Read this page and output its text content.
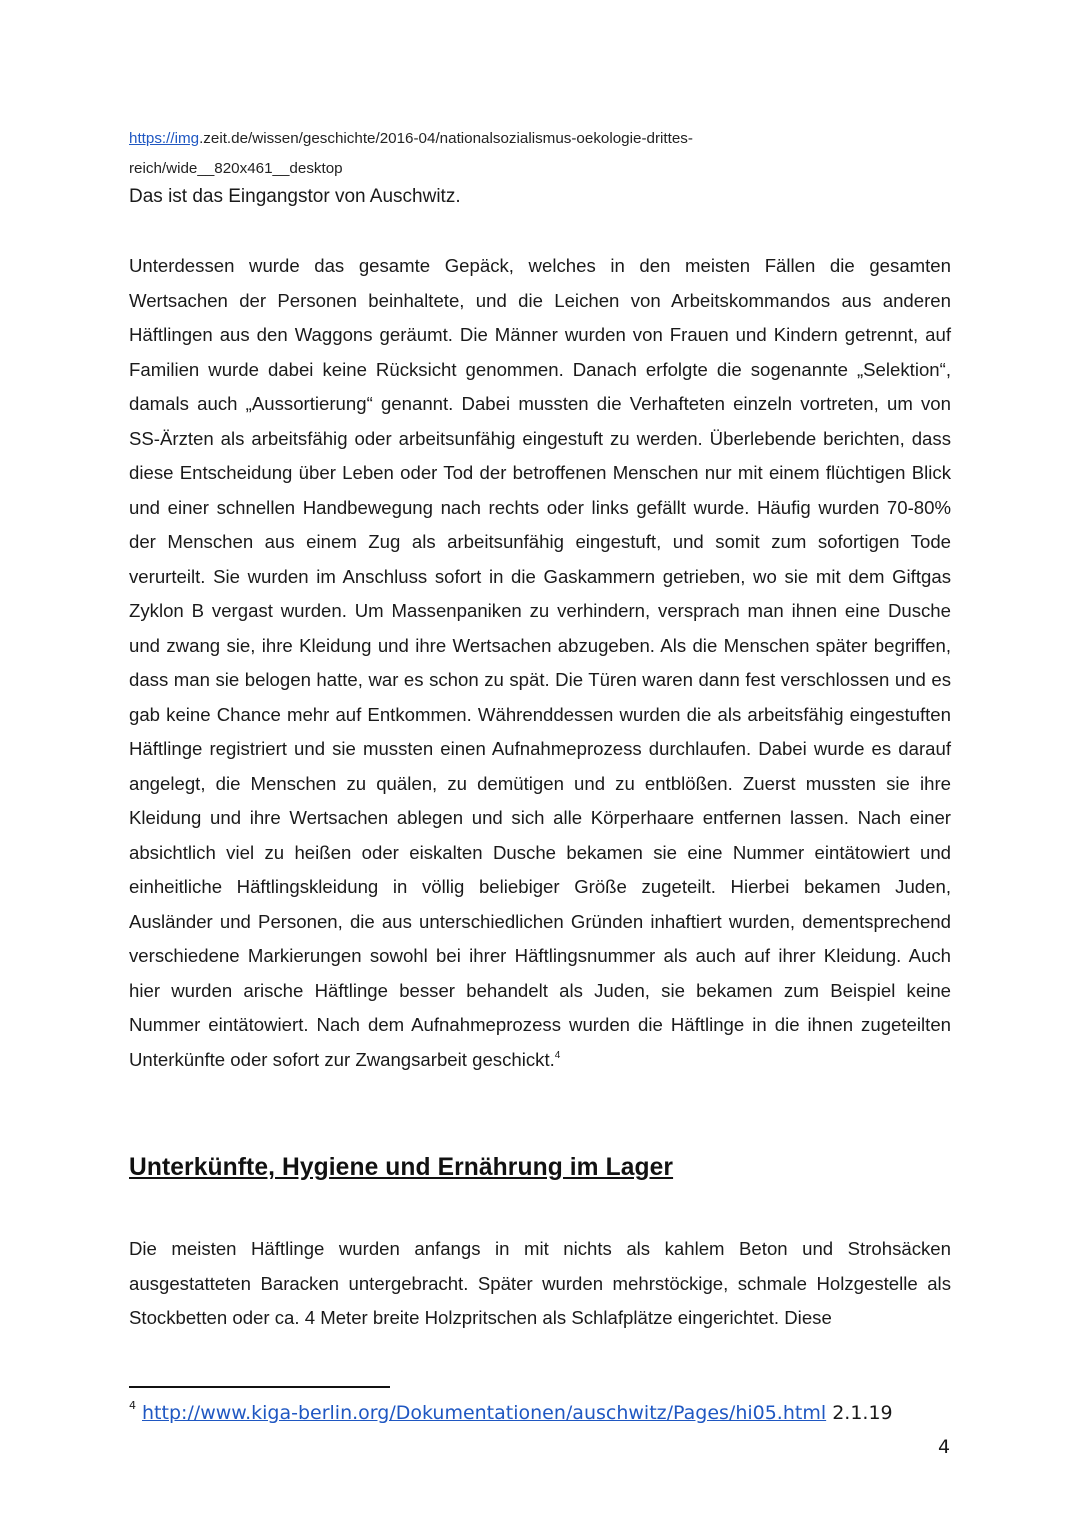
https://img.zeit.de/wissen/geschichte/2016-04/nationalsozialismus-oekologie-drittes-
reich/wide__820x461__desktop
Das ist das Eingangstor von Auschwitz.

Unterdessen wurde das gesamte Gepäck, welches in den meisten Fällen die gesamten Wertsachen der Personen beinhaltete, und die Leichen von Arbeitskommandos aus anderen Häftlingen aus den Waggons geräumt. Die Männer wurden von Frauen und Kindern getrennt, auf Familien wurde dabei keine Rücksicht genommen. Danach erfolgte die sogenannte „Selektion“, damals auch „Aussortierung“ genannt. Dabei mussten die Verhafteten einzeln vortreten, um von SS-Ärzten als arbeitsfähig oder arbeitsunfähig eingestuft zu werden. Überlebende berichten, dass diese Entscheidung über Leben oder Tod der betroffenen Menschen nur mit einem flüchtigen Blick und einer schnellen Handbewegung nach rechts oder links gefällt wurde. Häufig wurden 70-80% der Menschen aus einem Zug als arbeitsunfähig eingestuft, und somit zum sofortigen Tode verurteilt. Sie wurden im Anschluss sofort in die Gaskammern getrieben, wo sie mit dem Giftgas Zyklon B vergast wurden. Um Massenpaniken zu verhindern, versprach man ihnen eine Dusche und zwang sie, ihre Kleidung und ihre Wertsachen abzugeben. Als die Menschen später begriffen, dass man sie belogen hatte, war es schon zu spät. Die Türen waren dann fest verschlossen und es gab keine Chance mehr auf Entkommen. Währenddessen wurden die als arbeitsfähig eingestuften Häftlinge registriert und sie mussten einen Aufnahmeprozess durchlaufen. Dabei wurde es darauf angelegt, die Menschen zu quälen, zu demütigen und zu entblößen. Zuerst mussten sie ihre Kleidung und ihre Wertsachen ablegen und sich alle Körperhaare entfernen lassen. Nach einer absichtlich viel zu heißen oder eiskalten Dusche bekamen sie eine Nummer eintätowiert und einheitliche Häftlingskleidung in völlig beliebiger Größe zugeteilt. Hierbei bekamen Juden, Ausländer und Personen, die aus unterschiedlichen Gründen inhaftiert wurden, dementsprechend verschiedene Markierungen sowohl bei ihrer Häftlingsnummer als auch auf ihrer Kleidung. Auch hier wurden arische Häftlinge besser behandelt als Juden, sie bekamen zum Beispiel keine Nummer eintätowiert. Nach dem Aufnahmeprozess wurden die Häftlinge in die ihnen zugeteilten Unterkünfte oder sofort zur Zwangsarbeit geschickt.$^4$

Unterkünfte, Hygiene und Ernährung im Lager

Die meisten Häftlinge wurden anfangs in mit nichts als kahlem Beton und Strohsäcken ausgestatteten Baracken untergebracht. Später wurden mehrstöckige, schmale Holzgestelle als Stockbetten oder ca. 4 Meter breite Holzpritschen als Schlafplätze eingerichtet. Diese

$^4$ http://www.kiga-berlin.org/Dokumentationen/auschwitz/Pages/hi05.html 2.1.19
4
